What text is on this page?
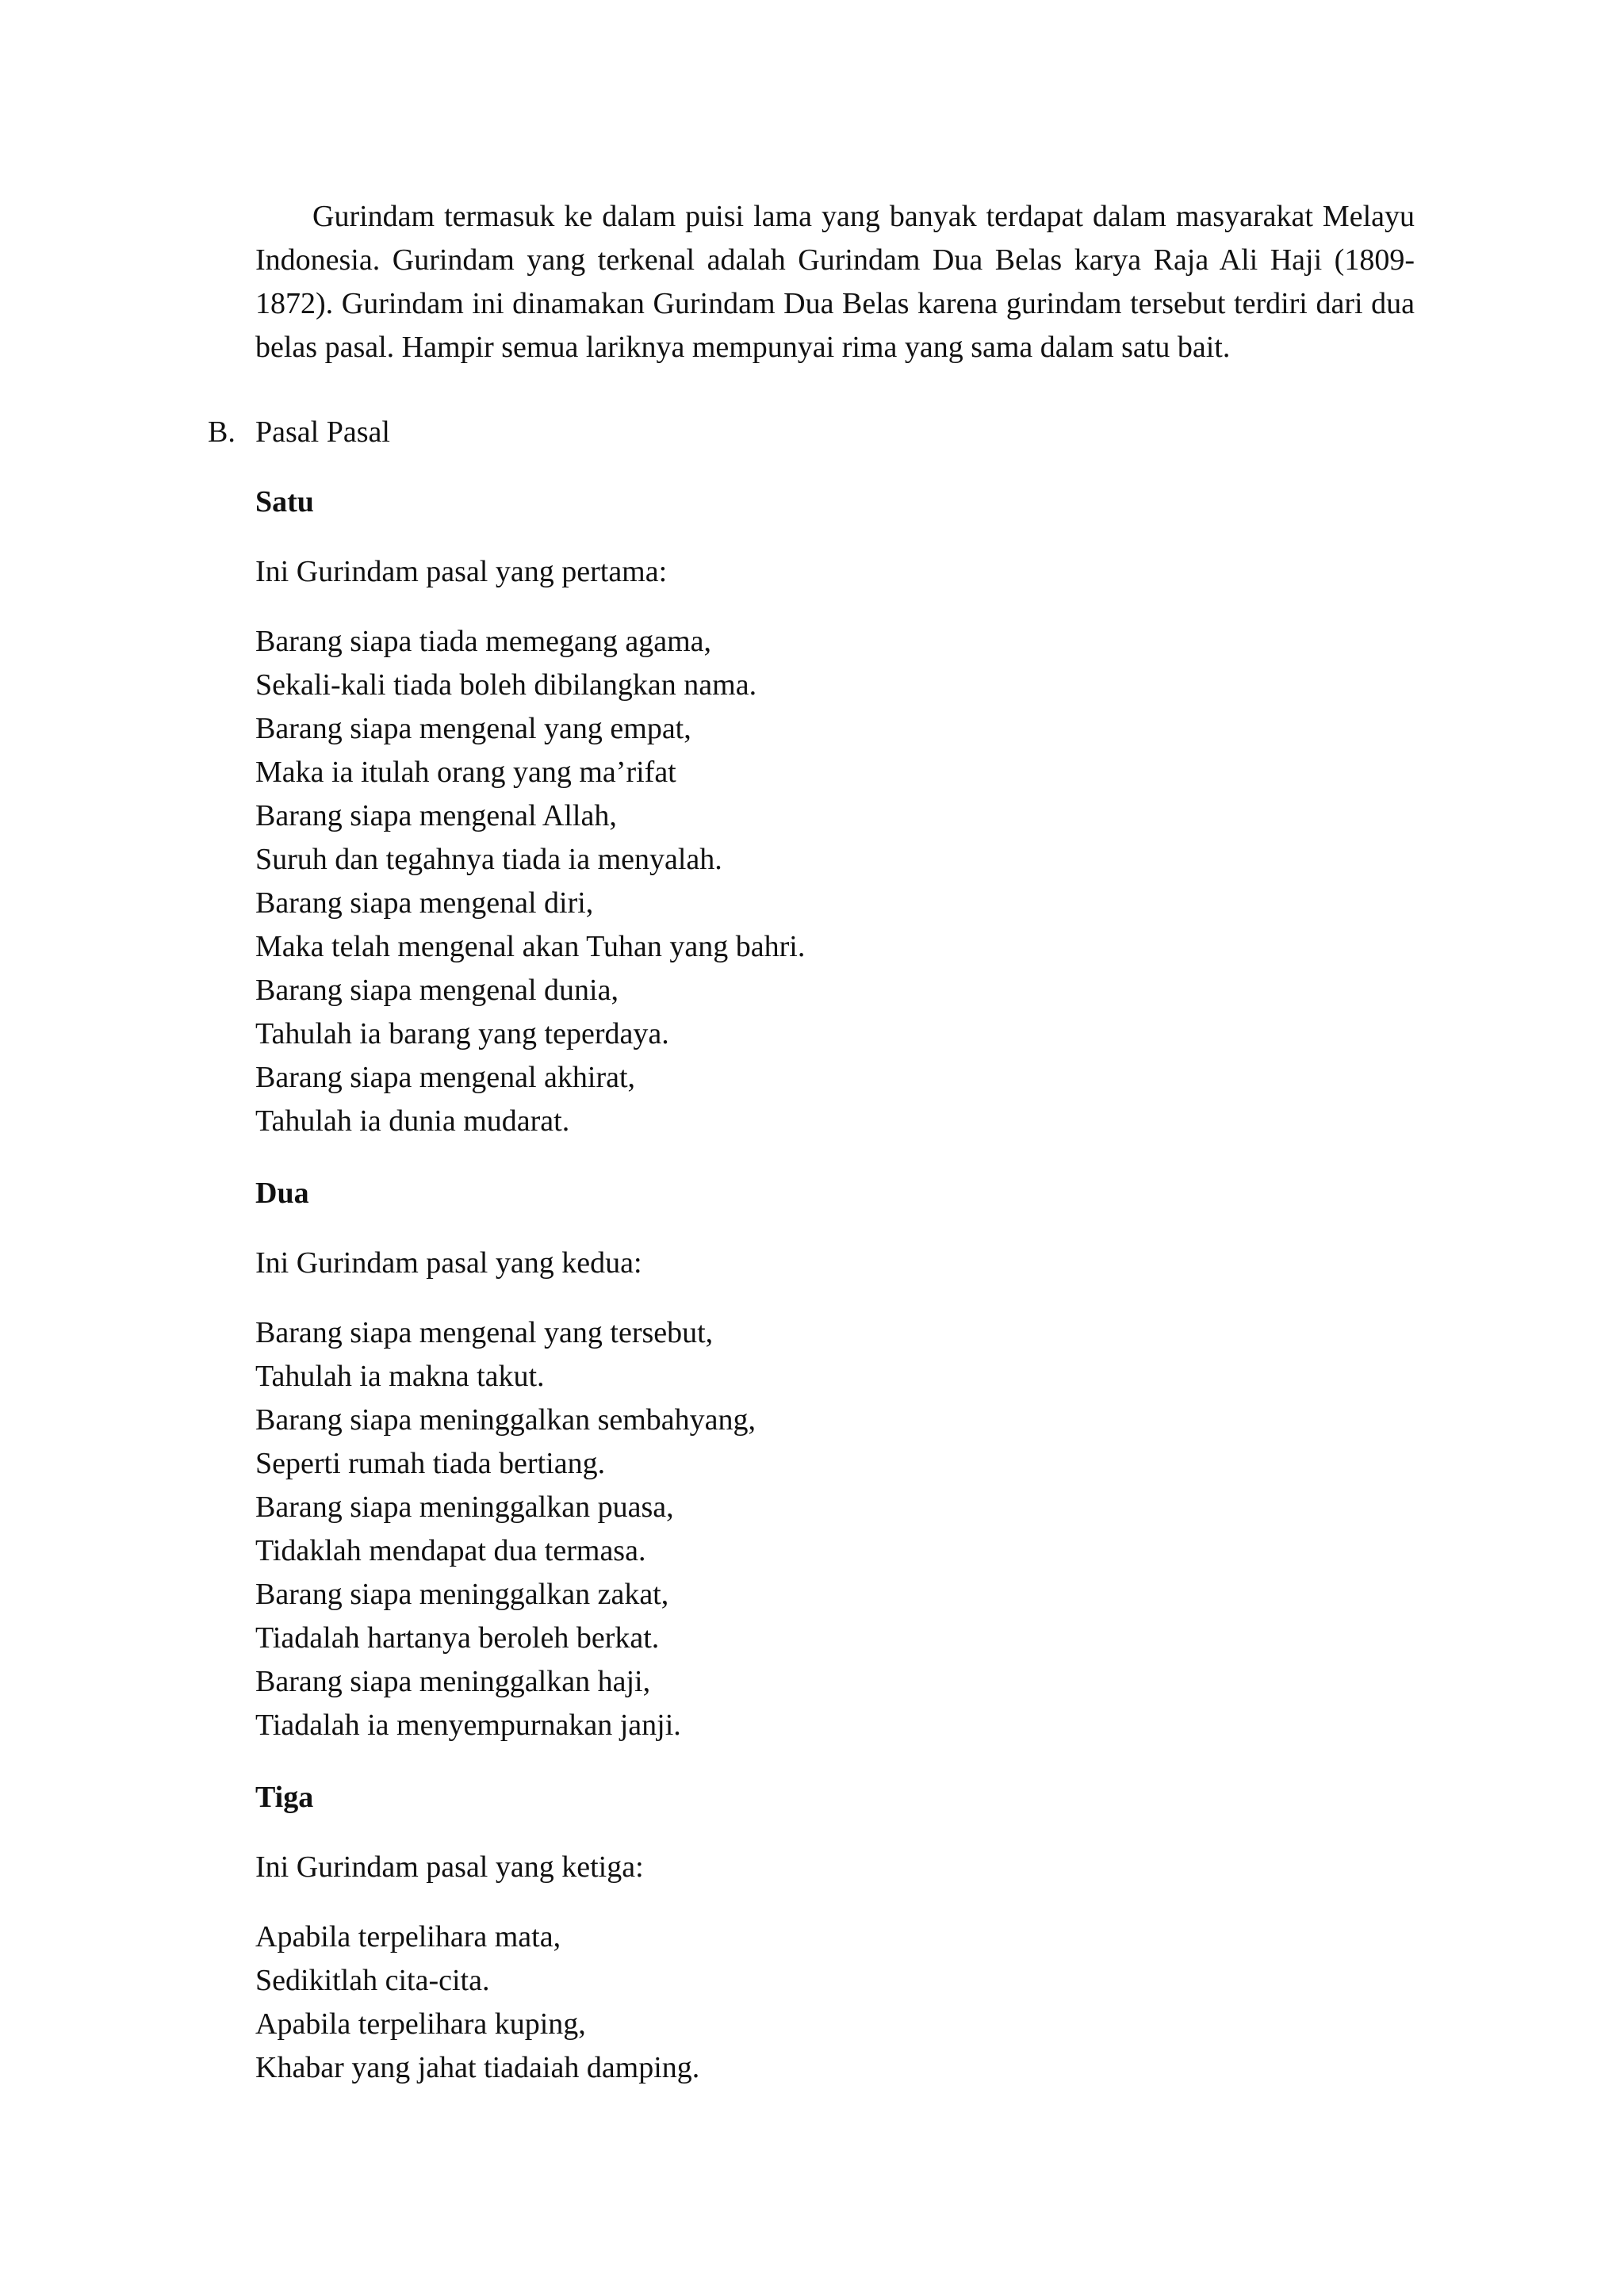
Gurindam termasuk ke dalam puisi lama yang banyak terdapat dalam masyarakat Melayu Indonesia. Gurindam yang terkenal adalah Gurindam Dua Belas karya Raja Ali Haji (1809-1872). Gurindam ini dinamakan Gurindam Dua Belas karena gurindam tersebut terdiri dari dua belas pasal. Hampir semua lariknya mempunyai rima yang sama dalam satu bait.

B. Pasal Pasal

Satu

Ini Gurindam pasal yang pertama:

Barang siapa tiada memegang agama,
Sekali-kali tiada boleh dibilangkan nama.
Barang siapa mengenal yang empat,
Maka ia itulah orang yang ma’rifat
Barang siapa mengenal Allah,
Suruh dan tegahnya tiada ia menyalah.
Barang siapa mengenal diri,
Maka telah mengenal akan Tuhan yang bahri.
Barang siapa mengenal dunia,
Tahulah ia barang yang teperdaya.
Barang siapa mengenal akhirat,
Tahulah ia dunia mudarat.

Dua

Ini Gurindam pasal yang kedua:

Barang siapa mengenal yang tersebut,
Tahulah ia makna takut.
Barang siapa meninggalkan sembahyang,
Seperti rumah tiada bertiang.
Barang siapa meninggalkan puasa,
Tidaklah mendapat dua termasa.
Barang siapa meninggalkan zakat,
Tiadalah hartanya beroleh berkat.
Barang siapa meninggalkan haji,
Tiadalah ia menyempurnakan janji.

Tiga

Ini Gurindam pasal yang ketiga:

Apabila terpelihara mata,
Sedikitlah cita-cita.
Apabila terpelihara kuping,
Khabar yang jahat tiadaiah damping.
